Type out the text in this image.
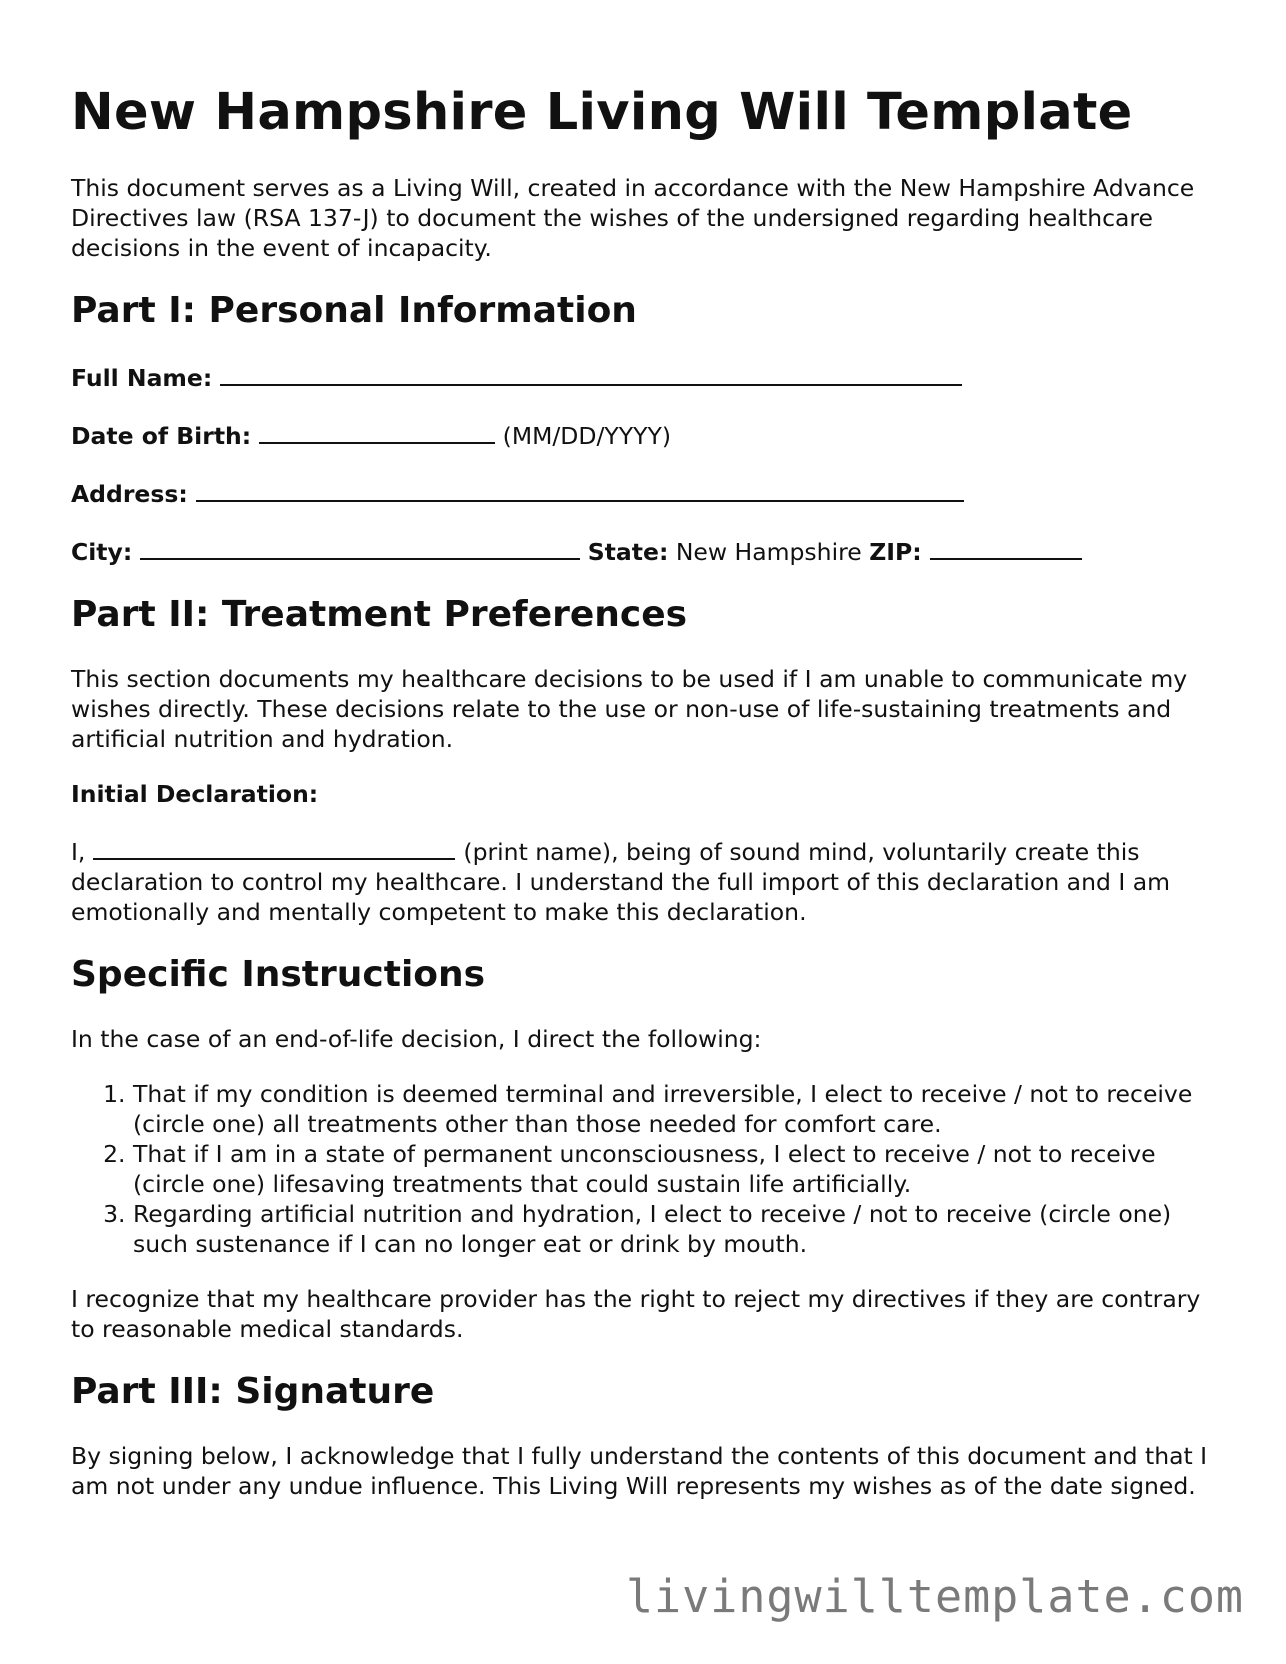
New Hampshire Living Will Template

This document serves as a Living Will, created in accordance with the New Hampshire Advance Directives law (RSA 137-J) to document the wishes of the undersigned regarding healthcare decisions in the event of incapacity.

Part I: Personal Information
Full Name:
Date of Birth:	(MM/DD/YYYY)
Address:
City:	State: New Hampshire ZIP:
Part II: Treatment Preferences

This section documents my healthcare decisions to be used if I am unable to communicate my wishes directly. These decisions relate to the use or non-use of life-sustaining treatments and artificial nutrition and hydration.

Initial Declaration:

I,	(print name), being of sound mind, voluntarily create this declaration to control my healthcare. I understand the full import of this declaration and I am emotionally and mentally competent to make this declaration.

Specific Instructions

In the case of an end-of-life decision, I direct the following:

1. That if my condition is deemed terminal and irreversible, I elect to receive / not to receive (circle one) all treatments other than those needed for comfort care.
2. That if I am in a state of permanent unconsciousness, I elect to receive / not to receive (circle one) lifesaving treatments that could sustain life artificially.
3. Regarding artificial nutrition and hydration, I elect to receive / not to receive (circle one) such sustenance if I can no longer eat or drink by mouth.

I recognize that my healthcare provider has the right to reject my directives if they are contrary to reasonable medical standards.

Part III: Signature

By signing below, I acknowledge that I fully understand the contents of this document and that I am not under any undue influence. This Living Will represents my wishes as of the date signed.

livingwilltemplate.com
